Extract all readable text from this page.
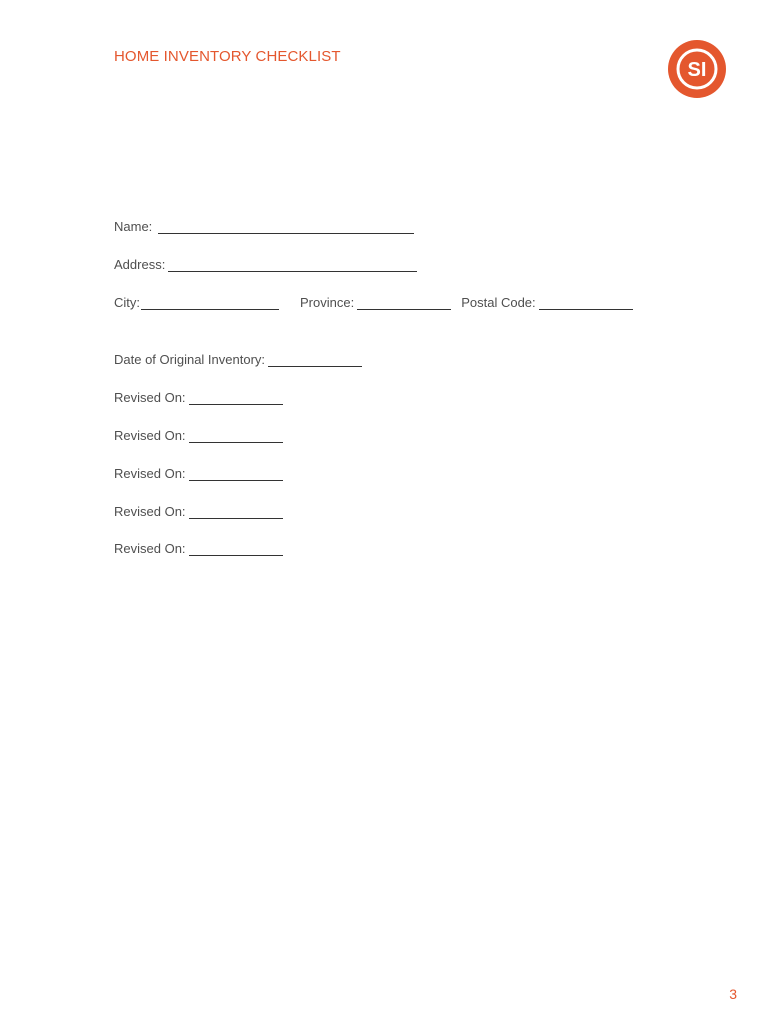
HOME INVENTORY CHECKLIST
SI
Name:
Address:
City:	Province:	Postal Code:
Date of Original Inventory:
Revised On:
Revised On:
Revised On:
Revised On:
Revised On:
3
